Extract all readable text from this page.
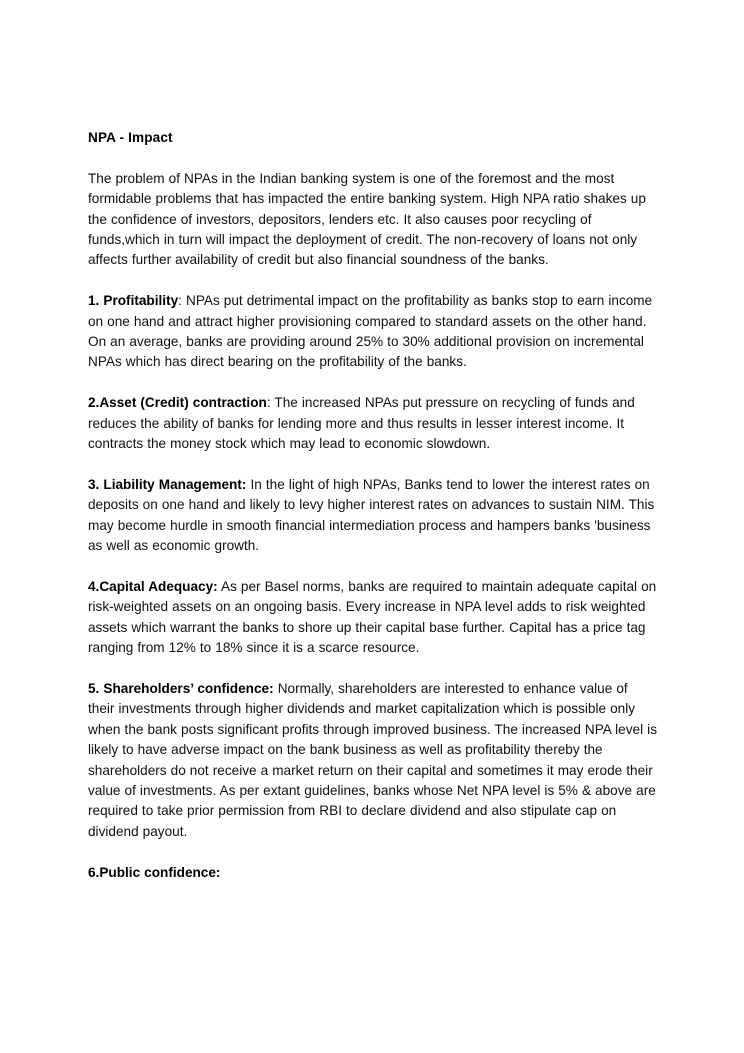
NPA - Impact

The problem of NPAs in the Indian banking system is one of the foremost and the most formidable problems that has impacted the entire banking system. High NPA ratio shakes up the confidence of investors, depositors, lenders etc. It also causes poor recycling of funds,which in turn will impact the deployment of credit. The non-recovery of loans not only affects further availability of credit but also financial soundness of the banks.

1. Profitability: NPAs put detrimental impact on the profitability as banks stop to earn income on one hand and attract higher provisioning compared to standard assets on the other hand. On an average, banks are providing around 25% to 30% additional provision on incremental NPAs which has direct bearing on the profitability of the banks.

2.Asset (Credit) contraction: The increased NPAs put pressure on recycling of funds and reduces the ability of banks for lending more and thus results in lesser interest income. It contracts the money stock which may lead to economic slowdown.

3. Liability Management: In the light of high NPAs, Banks tend to lower the interest rates on deposits on one hand and likely to levy higher interest rates on advances to sustain NIM. This may become hurdle in smooth financial intermediation process and hampers banks 'business as well as economic growth.

4.Capital Adequacy: As per Basel norms, banks are required to maintain adequate capital on risk-weighted assets on an ongoing basis. Every increase in NPA level adds to risk weighted assets which warrant the banks to shore up their capital base further. Capital has a price tag ranging from 12% to 18% since it is a scarce resource.

5. Shareholders’ confidence: Normally, shareholders are interested to enhance value of their investments through higher dividends and market capitalization which is possible only when the bank posts significant profits through improved business. The increased NPA level is likely to have adverse impact on the bank business as well as profitability thereby the shareholders do not receive a market return on their capital and sometimes it may erode their value of investments. As per extant guidelines, banks whose Net NPA level is 5% & above are required to take prior permission from RBI to declare dividend and also stipulate cap on dividend payout.

6.Public confidence:
